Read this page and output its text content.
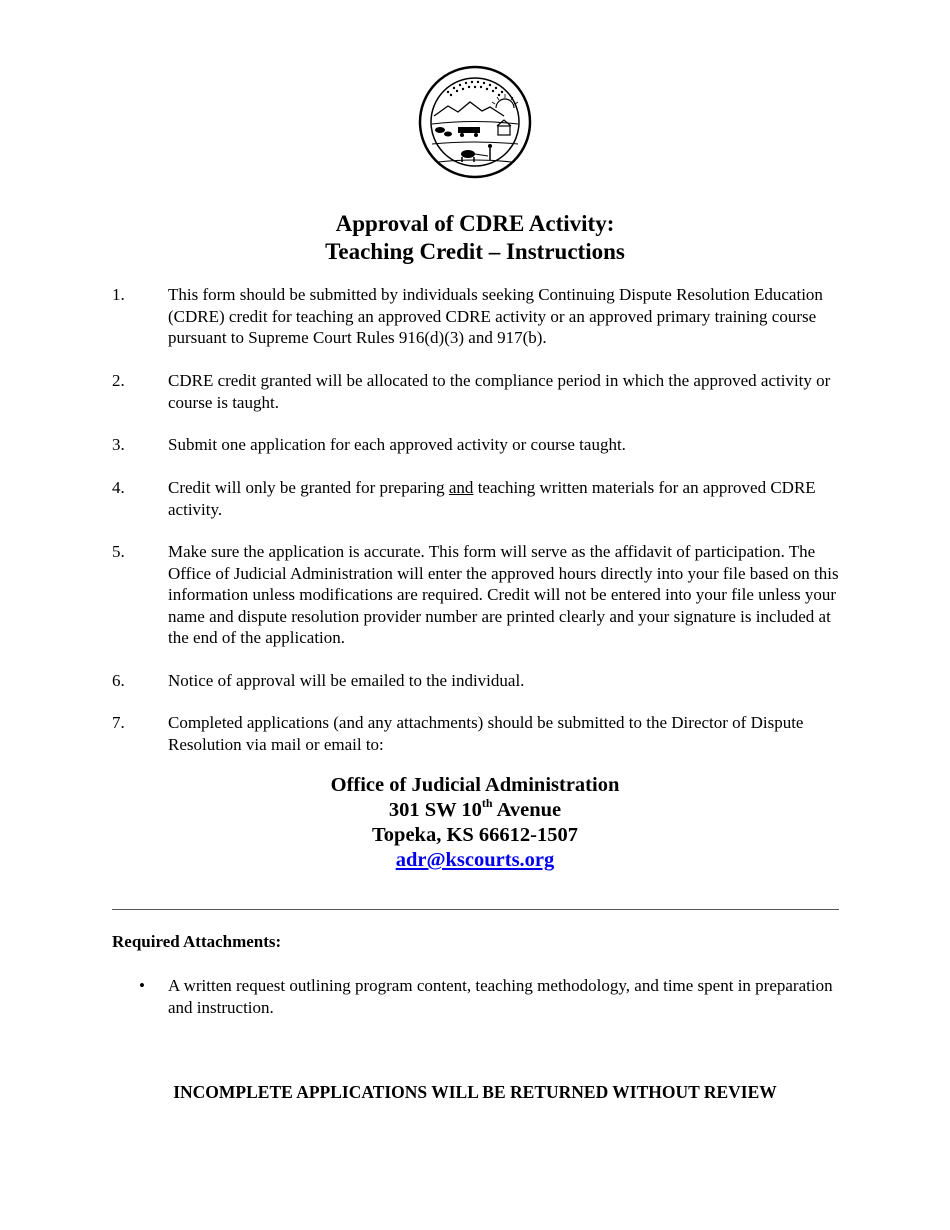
Approval of CDRE Activity:
Teaching Credit – Instructions
1.	This form should be submitted by individuals seeking Continuing Dispute Resolution Education (CDRE) credit for teaching an approved CDRE activity or an approved primary training course pursuant to Supreme Court Rules 916(d)(3) and 917(b).
2.	CDRE credit granted will be allocated to the compliance period in which the approved activity or course is taught.
3.	Submit one application for each approved activity or course taught.
4.	Credit will only be granted for preparing and teaching written materials for an approved CDRE activity.
5.	Make sure the application is accurate. This form will serve as the affidavit of participation. The Office of Judicial Administration will enter the approved hours directly into your file based on this information unless modifications are required. Credit will not be entered into your file unless your name and dispute resolution provider number are printed clearly and your signature is included at the end of the application.
6.	Notice of approval will be emailed to the individual.
7.	Completed applications (and any attachments) should be submitted to the Director of Dispute Resolution via mail or email to:
Office of Judicial Administration
301 SW 10th Avenue
Topeka, KS 66612-1507
adr@kscourts.org
Required Attachments:
• A written request outlining program content, teaching methodology, and time spent in preparation and instruction.
INCOMPLETE APPLICATIONS WILL BE RETURNED WITHOUT REVIEW
